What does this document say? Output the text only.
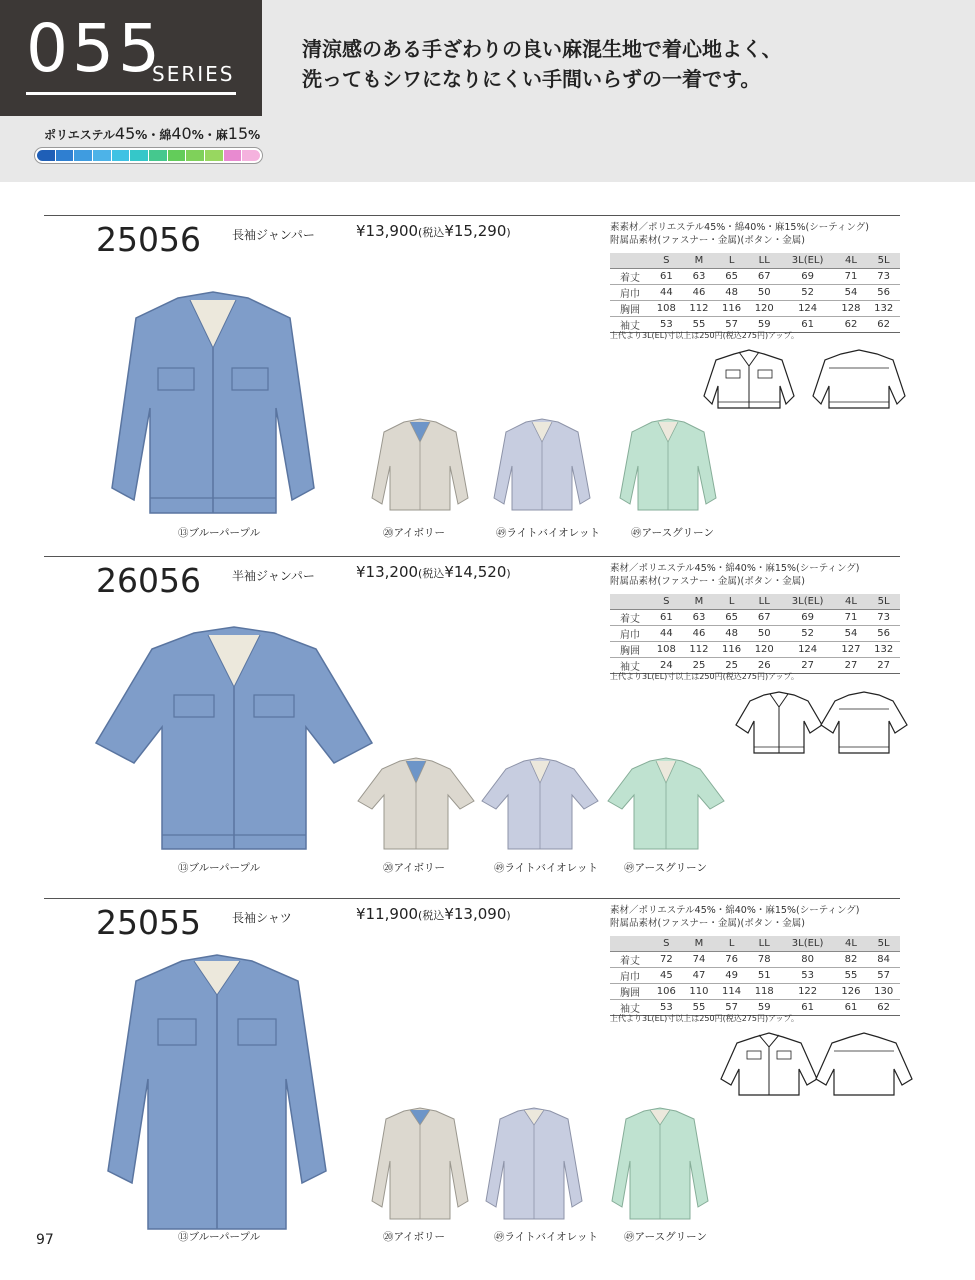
055
SERIES
清涼感のある手ざわりの良い麻混生地で着心地よく、
洗ってもシワになりにくい手間いらずの一着です。
ポリエステル45%・綿40%・麻15%
25056	長袖ジャンパー	¥13,900(税込¥15,290)	素素材／ポリエステル45%・綿40%・麻15%(シーティング)
附属品素材(ファスナー・金属)(ボタン・金属)
	S	M	L	LL	3L(EL)	4L	5L
着丈	61	63	65	67	69	71	73
肩巾	44	46	48	50	52	54	56
胸囲	108	112	116	120	124	128	132
袖丈	53	55	57	59	61	62	62
上代より3L(EL)寸以上は250円(税込275円)アップ。
⑬ブルーパープル	⑳アイボリー	㊾ライトバイオレット	㊾アースグリーン
26056	半袖ジャンパー	¥13,200(税込¥14,520)	素材／ポリエステル45%・綿40%・麻15%(シーティング)
附属品素材(ファスナー・金属)(ボタン・金属)
	S	M	L	LL	3L(EL)	4L	5L
着丈	61	63	65	67	69	71	73
肩巾	44	46	48	50	52	54	56
胸囲	108	112	116	120	124	127	132
袖丈	24	25	25	26	27	27	27
上代より3L(EL)寸以上は250円(税込275円)アップ。
⑬ブルーパープル	⑳アイボリー	㊾ライトバイオレット ㊾アースグリーン
25055	長袖シャツ	¥11,900(税込¥13,090)	素材／ポリエステル45%・綿40%・麻15%(シーティング)
附属品素材(ファスナー・金属)(ボタン・金属)
	S	M	L	LL	3L(EL)	4L	5L
着丈	72	74	76	78	80	82	84
肩巾	45	47	49	51	53	55	57
胸囲	106	110	114	118	122	126	130
袖丈	53	55	57	59	61	61	62
上代より3L(EL)寸以上は250円(税込275円)アップ。
⑬ブルーパープル	⑳アイボリー	㊾ライトバイオレット ㊾アースグリーン
97
